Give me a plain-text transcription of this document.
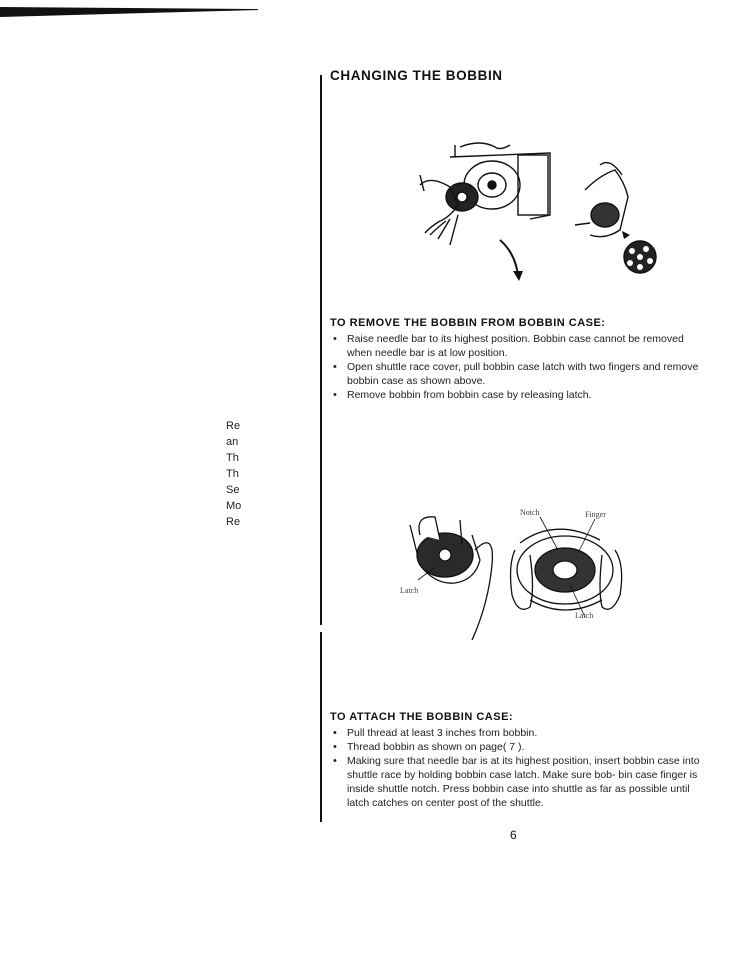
CHANGING THE BOBBIN
Re
an
Th
Th
Se
Mo
Re
TO REMOVE THE BOBBIN FROM BOBBIN CASE:
• Raise needle bar to its highest position. Bobbin case cannot be removed when needle bar is at low position.
• Open shuttle race cover, pull bobbin case latch with two fingers and remove bobbin case as shown above.
• Remove bobbin from bobbin case by releasing latch.
Notch	Finger
Latch
Latch
TO ATTACH THE BOBBIN CASE:
• Pull thread at least 3 inches from bobbin.
• Thread bobbin as shown on page( 7 ).
• Making sure that needle bar is at its highest position, insert bobbin case into shuttle race by holding bobbin case latch. Make sure bob- bin case finger is inside shuttle notch. Press bobbin case into shuttle as far as possible until latch catches on center post of the shuttle.
6
